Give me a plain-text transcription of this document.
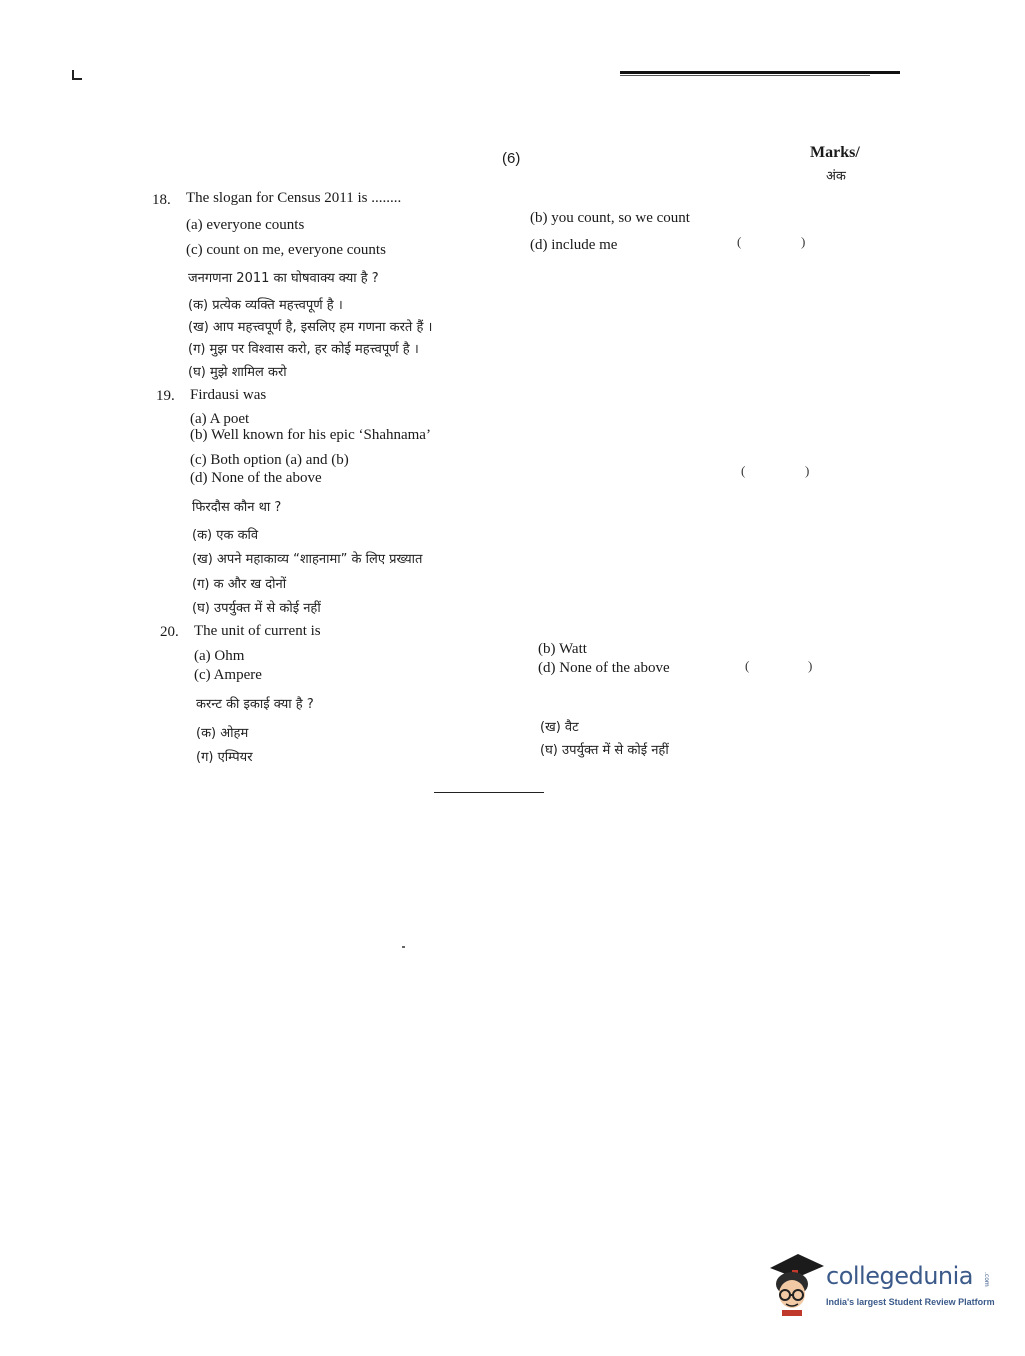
(6)	Marks/
अंक
18. The slogan for Census 2011 is ........
(a) everyone counts	(b) you count, so we count
(c) count on me, everyone counts	(d) include me	(	)
जनगणना 2011 का घोषवाक्य क्या है ?
(क) प्रत्येक व्यक्ति महत्त्वपूर्ण है ।
(ख) आप महत्त्वपूर्ण है, इसलिए हम गणना करते हैं ।
(ग) मुझ पर विश्वास करो, हर कोई महत्त्वपूर्ण है ।
(घ) मुझे शामिल करो
19. Firdausi was
(a) A poet
(b) Well known for his epic ‘Shahnama’
(c) Both option (a) and (b)
(d) None of the above	(	)
फिरदौस कौन था ?
(क) एक कवि
(ख) अपने महाकाव्य “शाहनामा” के लिए प्रख्यात
(ग) क और ख दोनों
(घ) उपर्युक्त में से कोई नहीं
20. The unit of current is
(a) Ohm	(b) Watt
(c) Ampere	(d) None of the above	(	)
करन्ट की इकाई क्या है ?
(क) ओहम	(ख) वैट
(ग) एम्पियर	(घ) उपर्युक्त में से कोई नहीं
collegedunia .com
India's largest Student Review Platform
